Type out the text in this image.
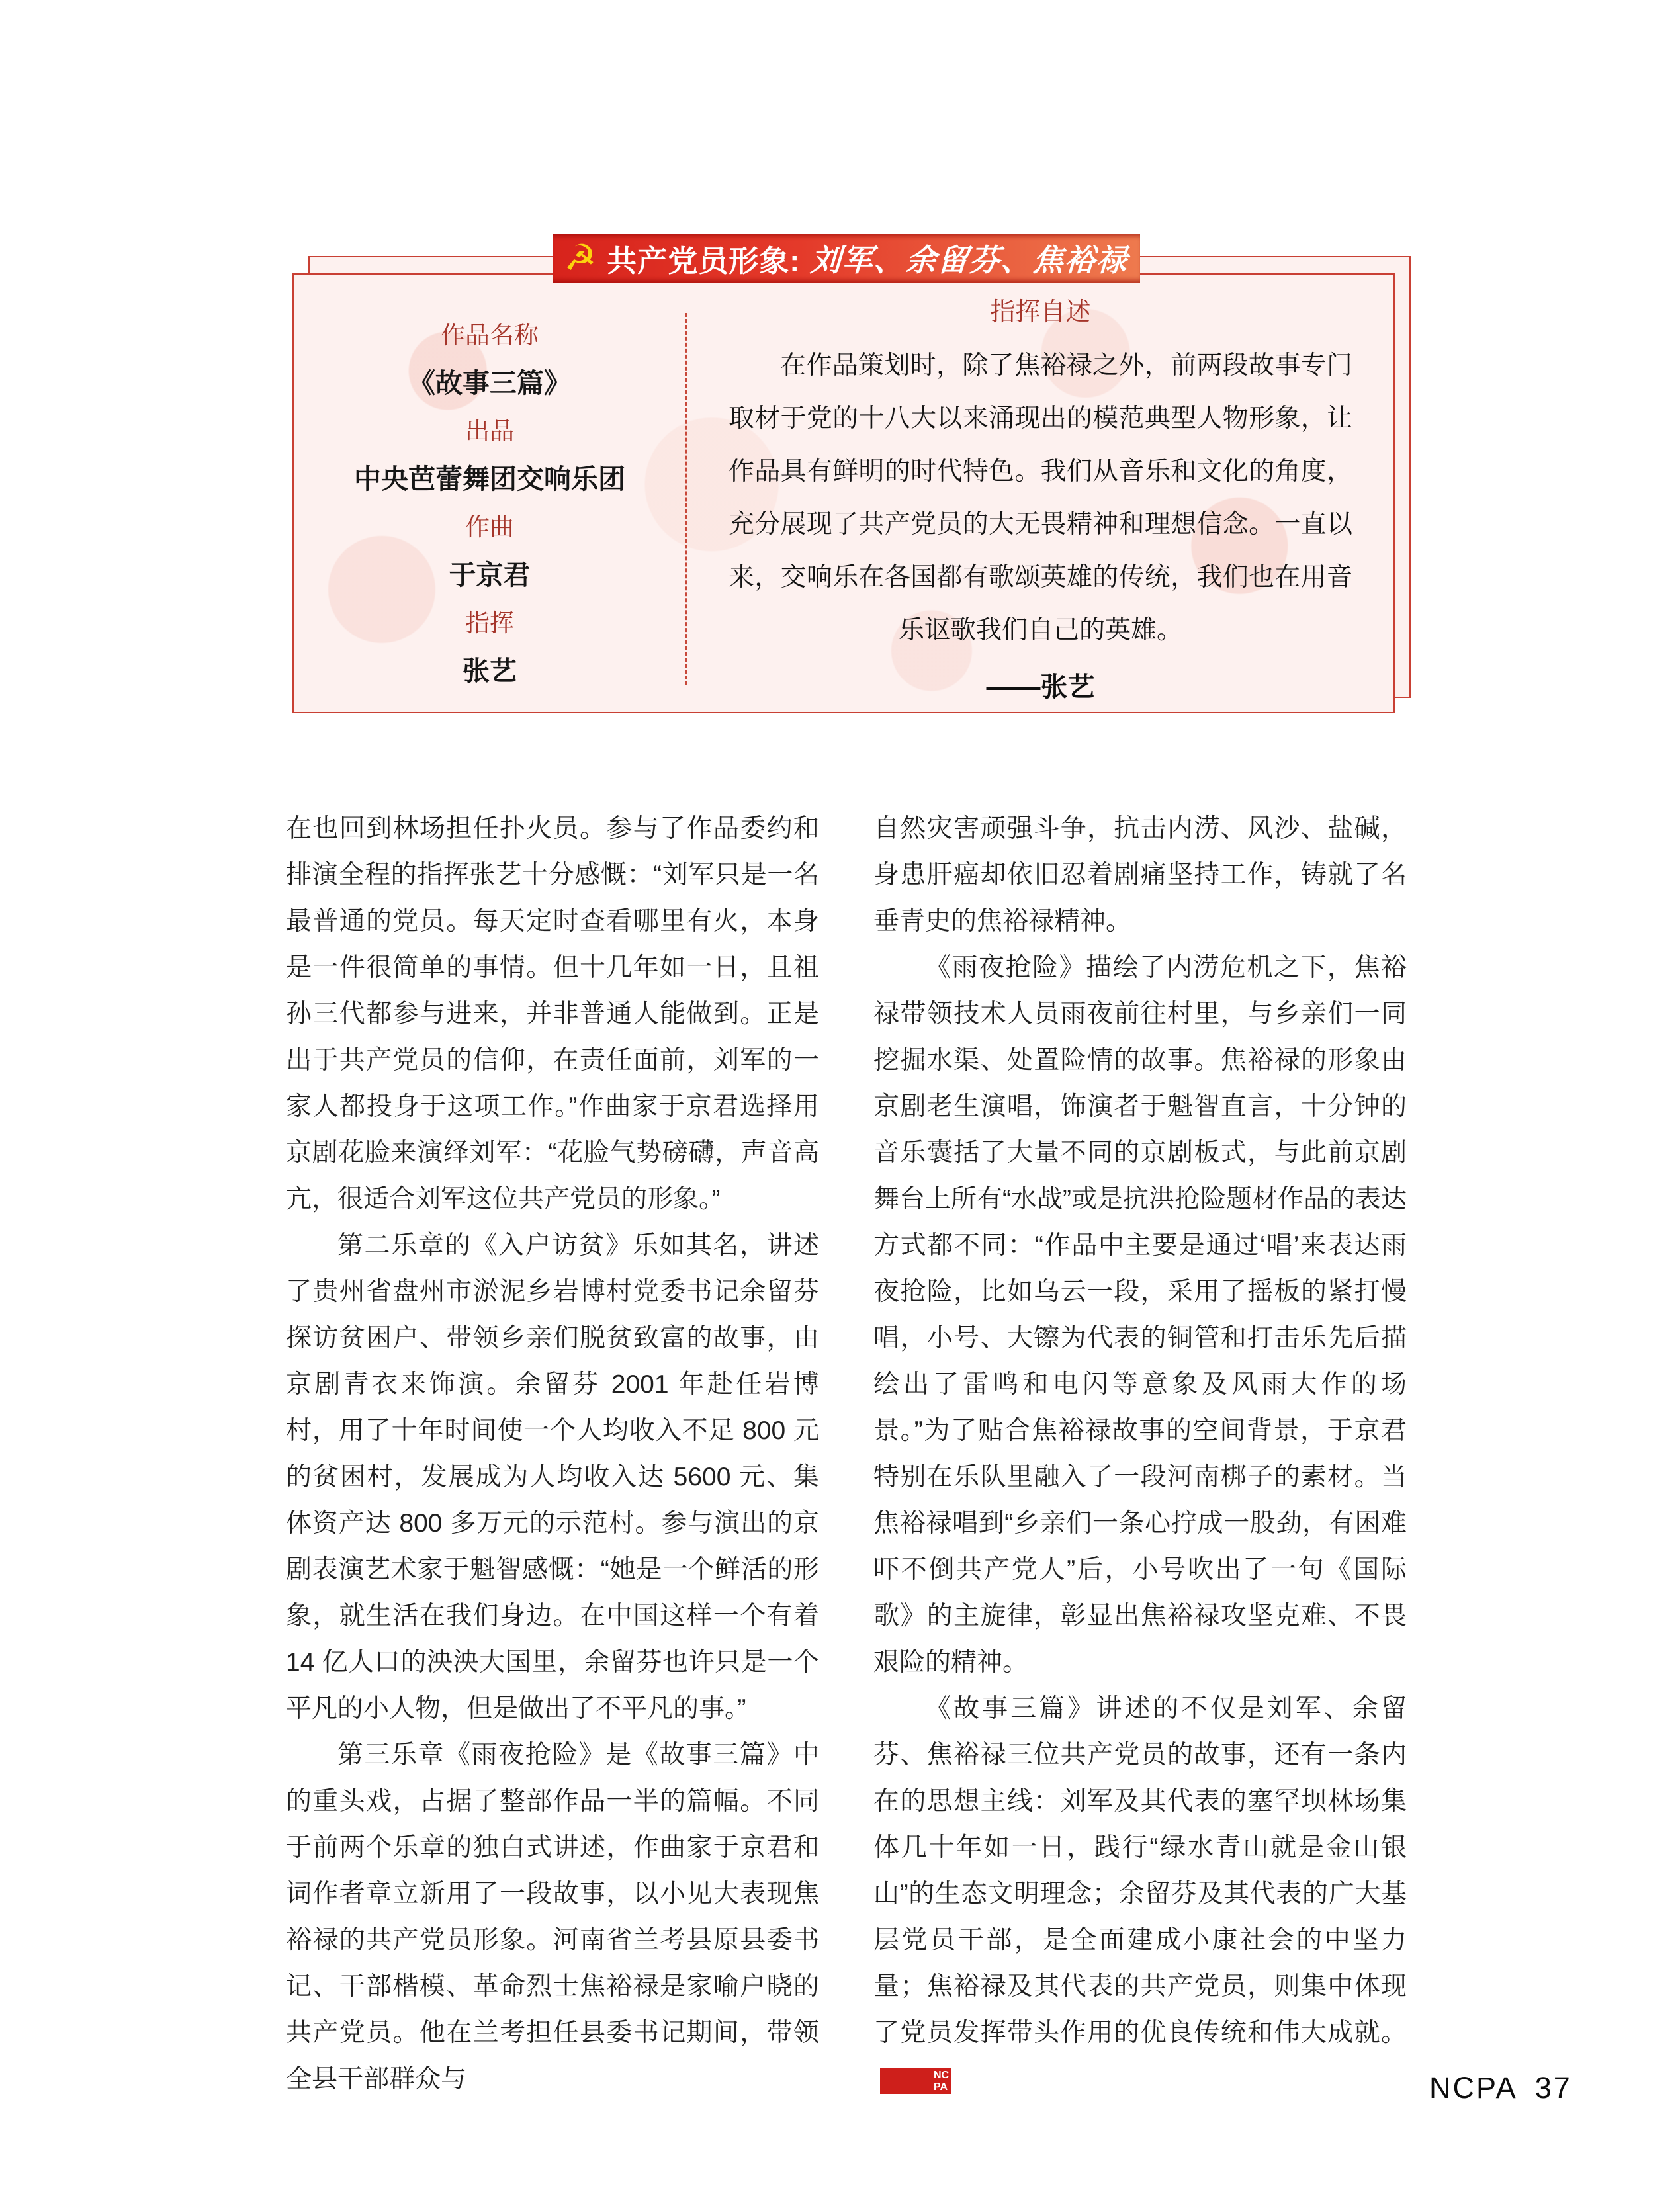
☭ 共产党员形象: 刘军、余留芬、焦裕禄
作品名称
《故事三篇》
出品
中央芭蕾舞团交响乐团
作曲
于京君
指挥
张艺
指挥自述

在作品策划时，除了焦裕禄之外，前两段故事专门取材于党的十八大以来涌现出的模范典型人物形象，让作品具有鲜明的时代特色。我们从音乐和文化的角度，充分展现了共产党员的大无畏精神和理想信念。一直以来，交响乐在各国都有歌颂英雄的传统，我们也在用音乐讴歌我们自己的英雄。

——张艺

在也回到林场担任扑火员。参与了作品委约和排演全程的指挥张艺十分感慨：“刘军只是一名最普通的党员。每天定时查看哪里有火，本身是一件很简单的事情。但十几年如一日，且祖孙三代都参与进来，并非普通人能做到。正是出于共产党员的信仰，在责任面前，刘军的一家人都投身于这项工作。”作曲家于京君选择用京剧花脸来演绎刘军：“花脸气势磅礴，声音高亢，很适合刘军这位共产党员的形象。”

第二乐章的《入户访贫》乐如其名，讲述了贵州省盘州市淤泥乡岩博村党委书记余留芬探访贫困户、带领乡亲们脱贫致富的故事，由京剧青衣来饰演。余留芬 2001 年赴任岩博村，用了十年时间使一个人均收入不足 800 元的贫困村，发展成为人均收入达 5600 元、集体资产达 800 多万元的示范村。参与演出的京剧表演艺术家于魁智感慨：“她是一个鲜活的形象，就生活在我们身边。在中国这样一个有着 14 亿人口的泱泱大国里，余留芬也许只是一个平凡的小人物，但是做出了不平凡的事。”

第三乐章《雨夜抢险》是《故事三篇》中的重头戏，占据了整部作品一半的篇幅。不同于前两个乐章的独白式讲述，作曲家于京君和词作者章立新用了一段故事，以小见大表现焦裕禄的共产党员形象。河南省兰考县原县委书记、干部楷模、革命烈士焦裕禄是家喻户晓的共产党员。他在兰考担任县委书记期间，带领全县干部群众与

自然灾害顽强斗争，抗击内涝、风沙、盐碱，身患肝癌却依旧忍着剧痛坚持工作，铸就了名垂青史的焦裕禄精神。

《雨夜抢险》描绘了内涝危机之下，焦裕禄带领技术人员雨夜前往村里，与乡亲们一同挖掘水渠、处置险情的故事。焦裕禄的形象由京剧老生演唱，饰演者于魁智直言，十分钟的音乐囊括了大量不同的京剧板式，与此前京剧舞台上所有“水战”或是抗洪抢险题材作品的表达方式都不同：“作品中主要是通过‘唱’来表达雨夜抢险，比如乌云一段，采用了摇板的紧打慢唱，小号、大镲为代表的铜管和打击乐先后描绘出了雷鸣和电闪等意象及风雨大作的场景。”为了贴合焦裕禄故事的空间背景，于京君特别在乐队里融入了一段河南梆子的素材。当焦裕禄唱到“乡亲们一条心拧成一股劲，有困难吓不倒共产党人”后，小号吹出了一句《国际歌》的主旋律，彰显出焦裕禄攻坚克难、不畏艰险的精神。

《故事三篇》讲述的不仅是刘军、余留芬、焦裕禄三位共产党员的故事，还有一条内在的思想主线：刘军及其代表的塞罕坝林场集体几十年如一日，践行“绿水青山就是金山银山”的生态文明理念；余留芬及其代表的广大基层党员干部，是全面建成小康社会的中坚力量；焦裕禄及其代表的共产党员，则集中体现了党员发挥带头作用的优良传统和伟大成就。
$\frac{NC}{PA}$	NCPA 37
